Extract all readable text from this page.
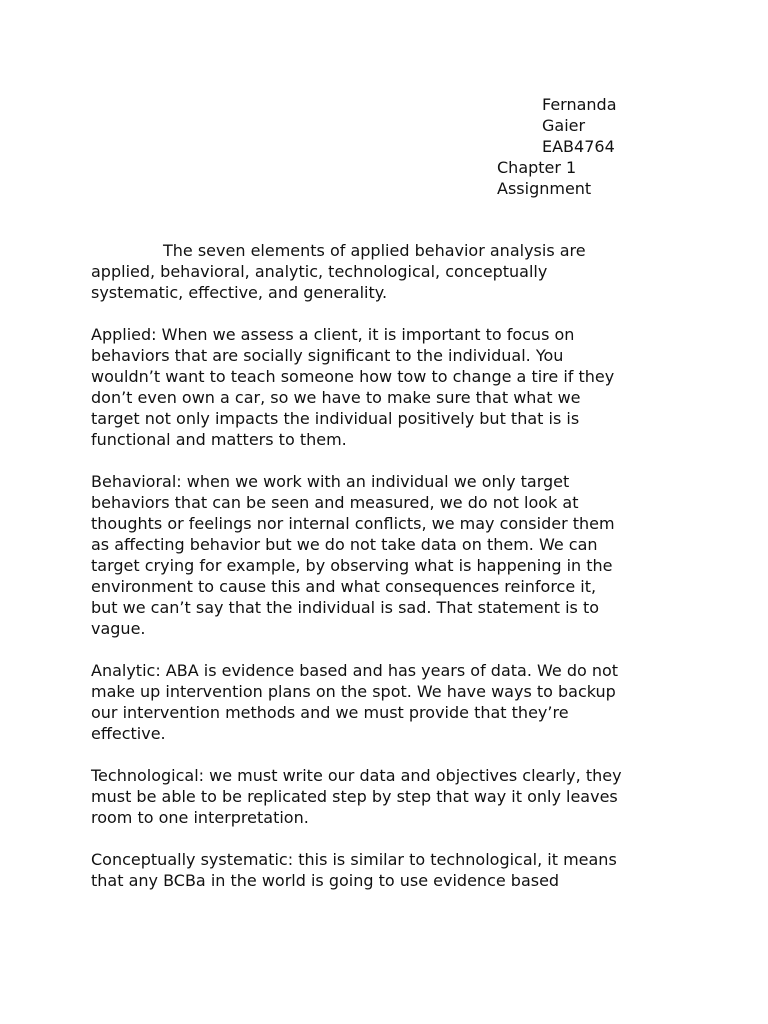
Fernanda
Gaier
EAB4764
Chapter 1
Assignment

The seven elements of applied behavior analysis are
applied, behavioral, analytic, technological, conceptually
systematic, effective, and generality.

Applied: When we assess a client, it is important to focus on
behaviors that are socially significant to the individual. You
wouldn’t want to teach someone how tow to change a tire if they
don’t even own a car, so we have to make sure that what we
target not only impacts the individual positively but that is is
functional and matters to them.

Behavioral: when we work with an individual we only target
behaviors that can be seen and measured, we do not look at
thoughts or feelings nor internal conflicts, we may consider them
as affecting behavior but we do not take data on them. We can
target crying for example, by observing what is happening in the
environment to cause this and what consequences reinforce it,
but we can’t say that the individual is sad. That statement is to
vague.

Analytic: ABA is evidence based and has years of data. We do not
make up intervention plans on the spot. We have ways to backup
our intervention methods and we must provide that they’re
effective.

Technological: we must write our data and objectives clearly, they
must be able to be replicated step by step that way it only leaves
room to one interpretation.

Conceptually systematic: this is similar to technological, it means
that any BCBa in the world is going to use evidence based
